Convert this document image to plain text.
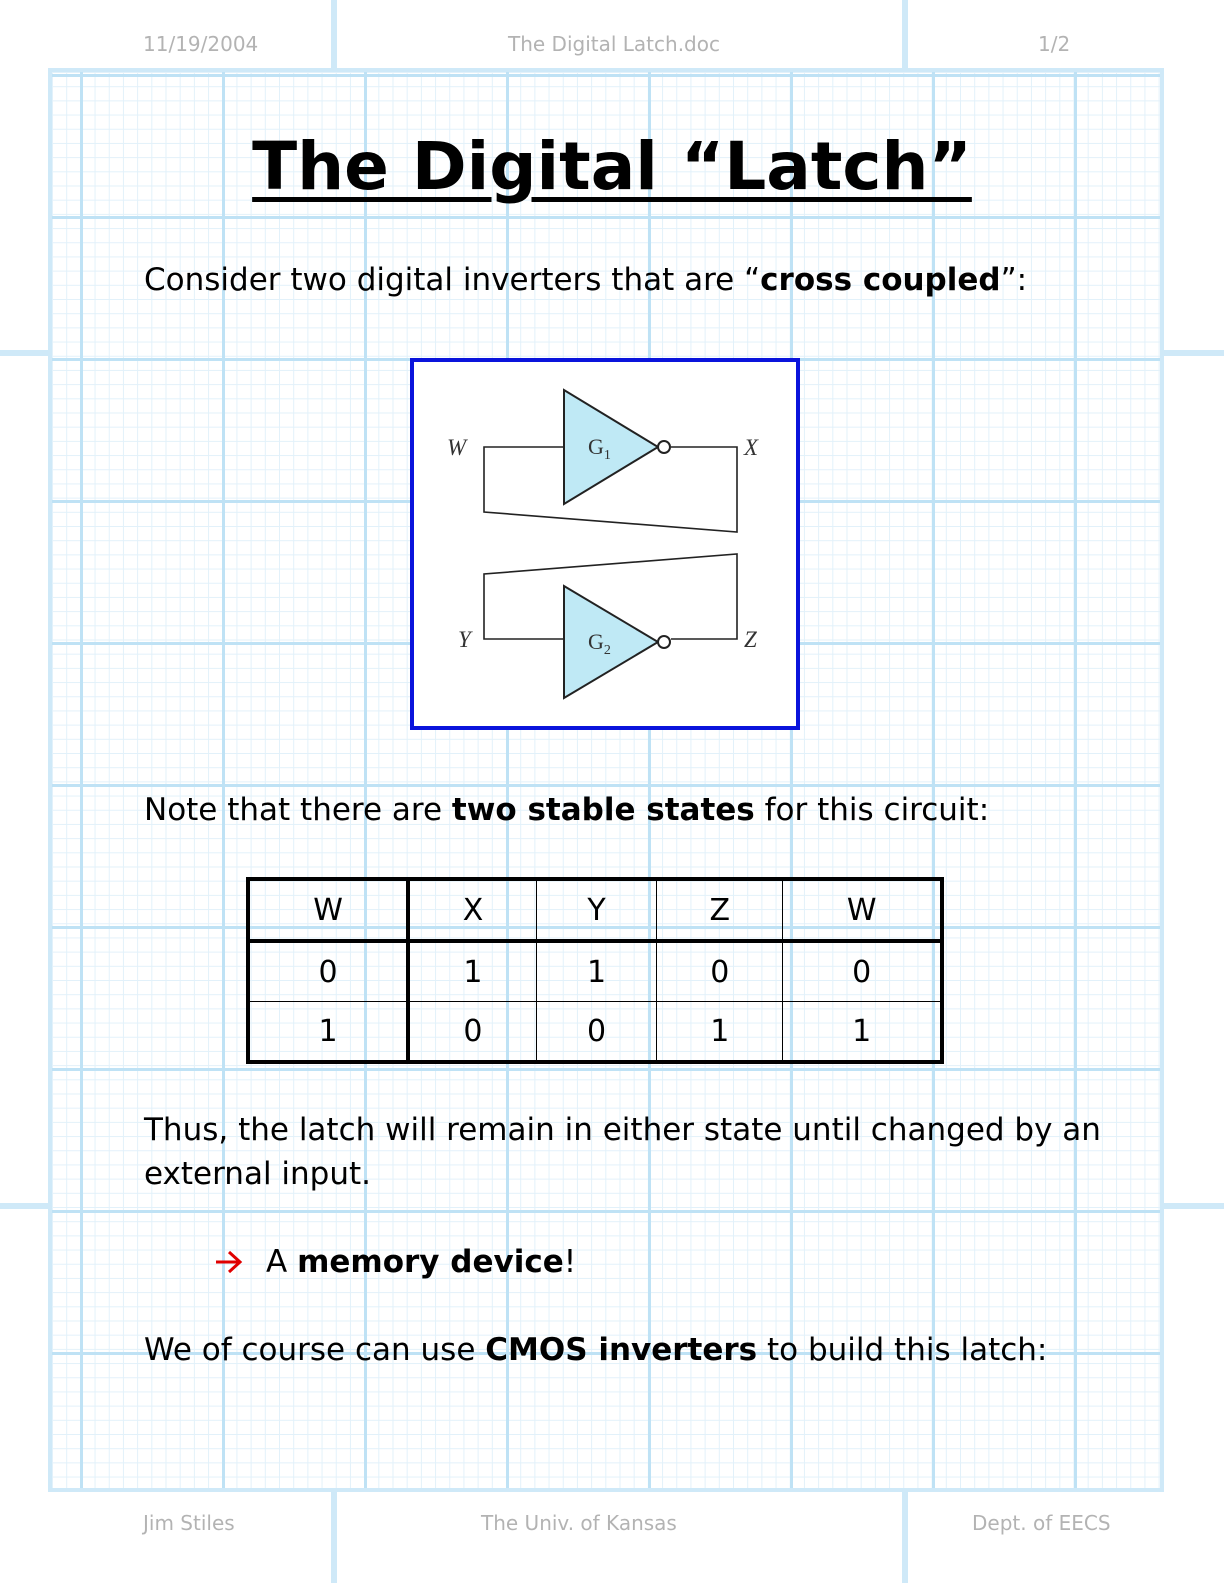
11/19/2004	The Digital Latch.doc	1/2
The Digital “Latch”
Consider two digital inverters that are “cross coupled”:
$G_1$
$G_2$
W	X
Y	Z
Note that there are two stable states for this circuit:
W	X	Y	Z	W
0	1	1	0	0
1	0	0	1	1
Thus, the latch will remain in either state until changed by an
external input.
A memory device!
We of course can use CMOS inverters to build this latch:
Jim Stiles	The Univ. of Kansas	Dept. of EECS
